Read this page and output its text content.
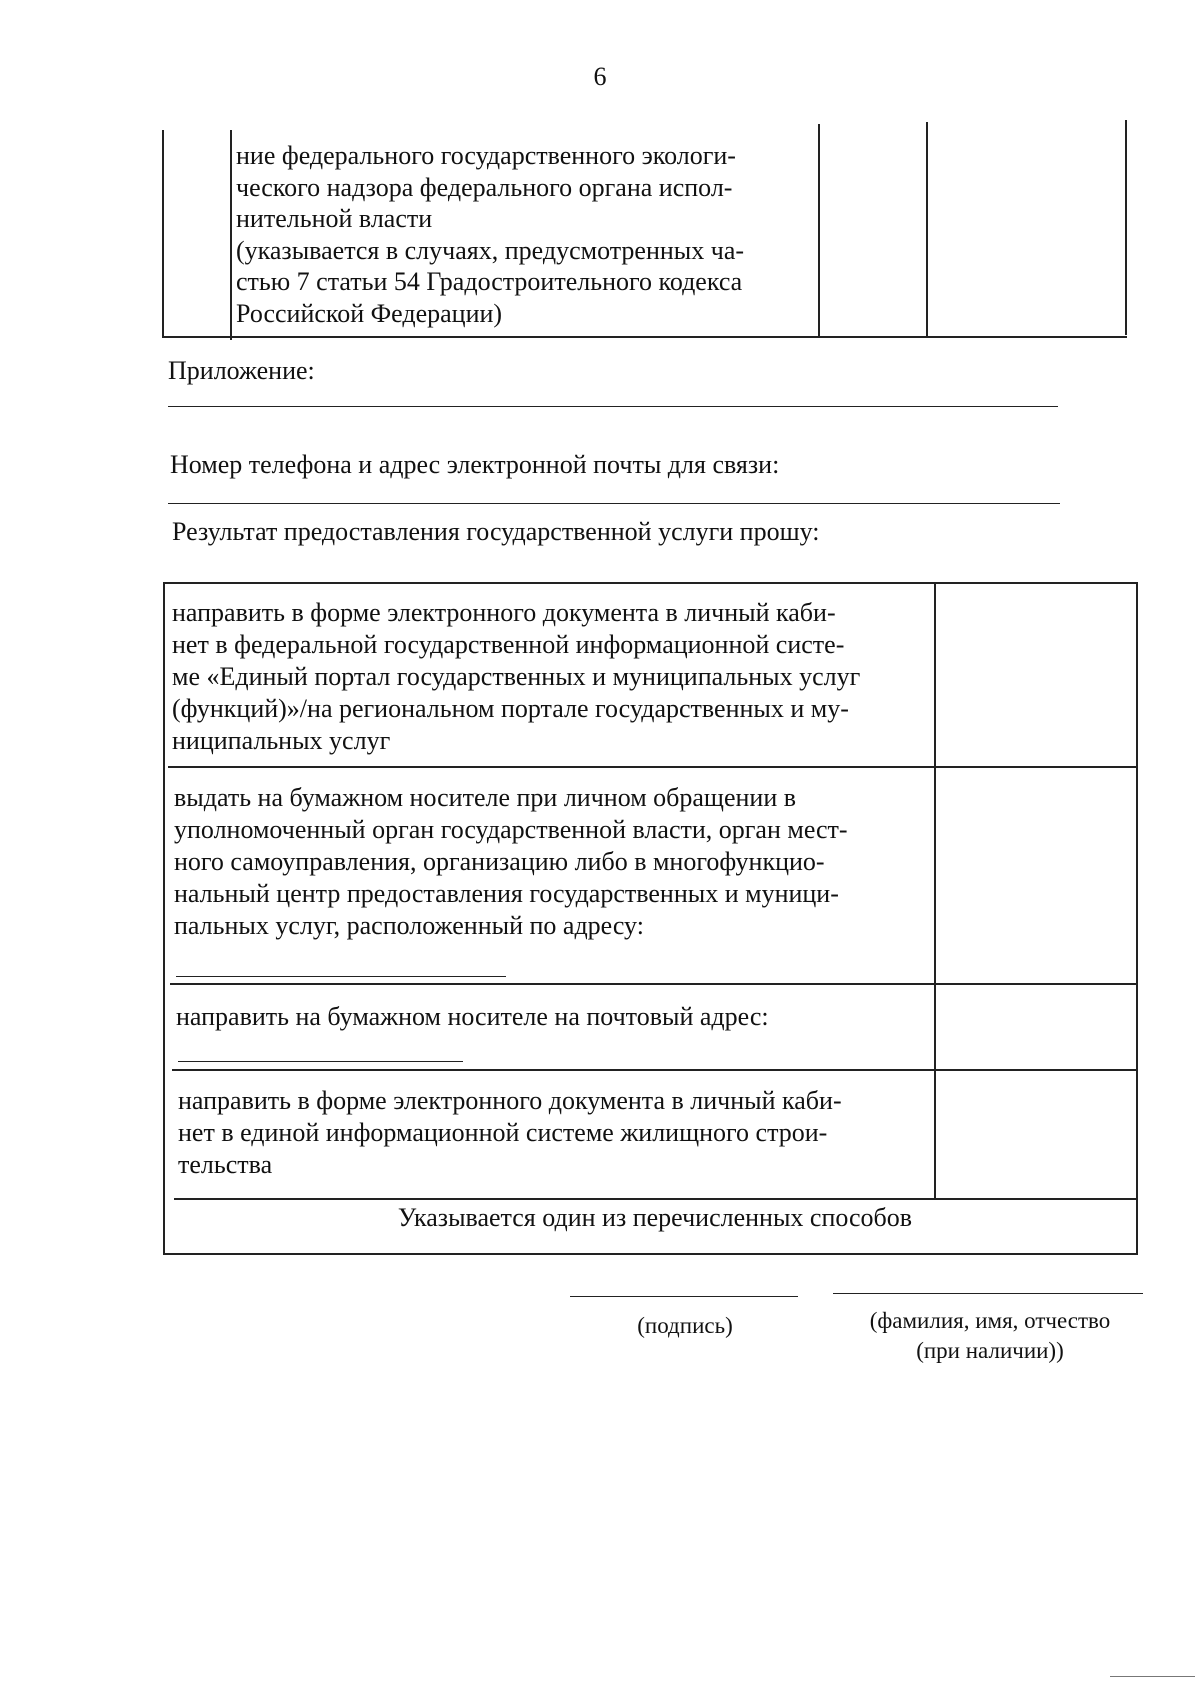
6
ние федерального государственного экологи-
ческого надзора федерального органа испол-
нительной власти
(указывается в случаях, предусмотренных ча-
стью 7 статьи 54 Градостроительного кодекса
Российской Федерации)
Приложение:
Номер телефона и адрес электронной почты для связи:
Результат предоставления государственной услуги прошу:
направить в форме электронного документа в личный каби-
нет в федеральной государственной информационной систе-
ме «Единый портал государственных и муниципальных услуг
(функций)»/на региональном портале государственных и му-
ниципальных услуг
выдать на бумажном носителе при личном обращении в
уполномоченный орган государственной власти, орган мест-
ного самоуправления, организацию либо в многофункцио-
нальный центр предоставления государственных и муници-
пальных услуг, расположенный по адресу:
направить на бумажном носителе на почтовый адрес:
направить в форме электронного документа в личный каби-
нет в единой информационной системе жилищного строи-
тельства
Указывается один из перечисленных способов
(подпись)	(фамилия, имя, отчество
(при наличии))
